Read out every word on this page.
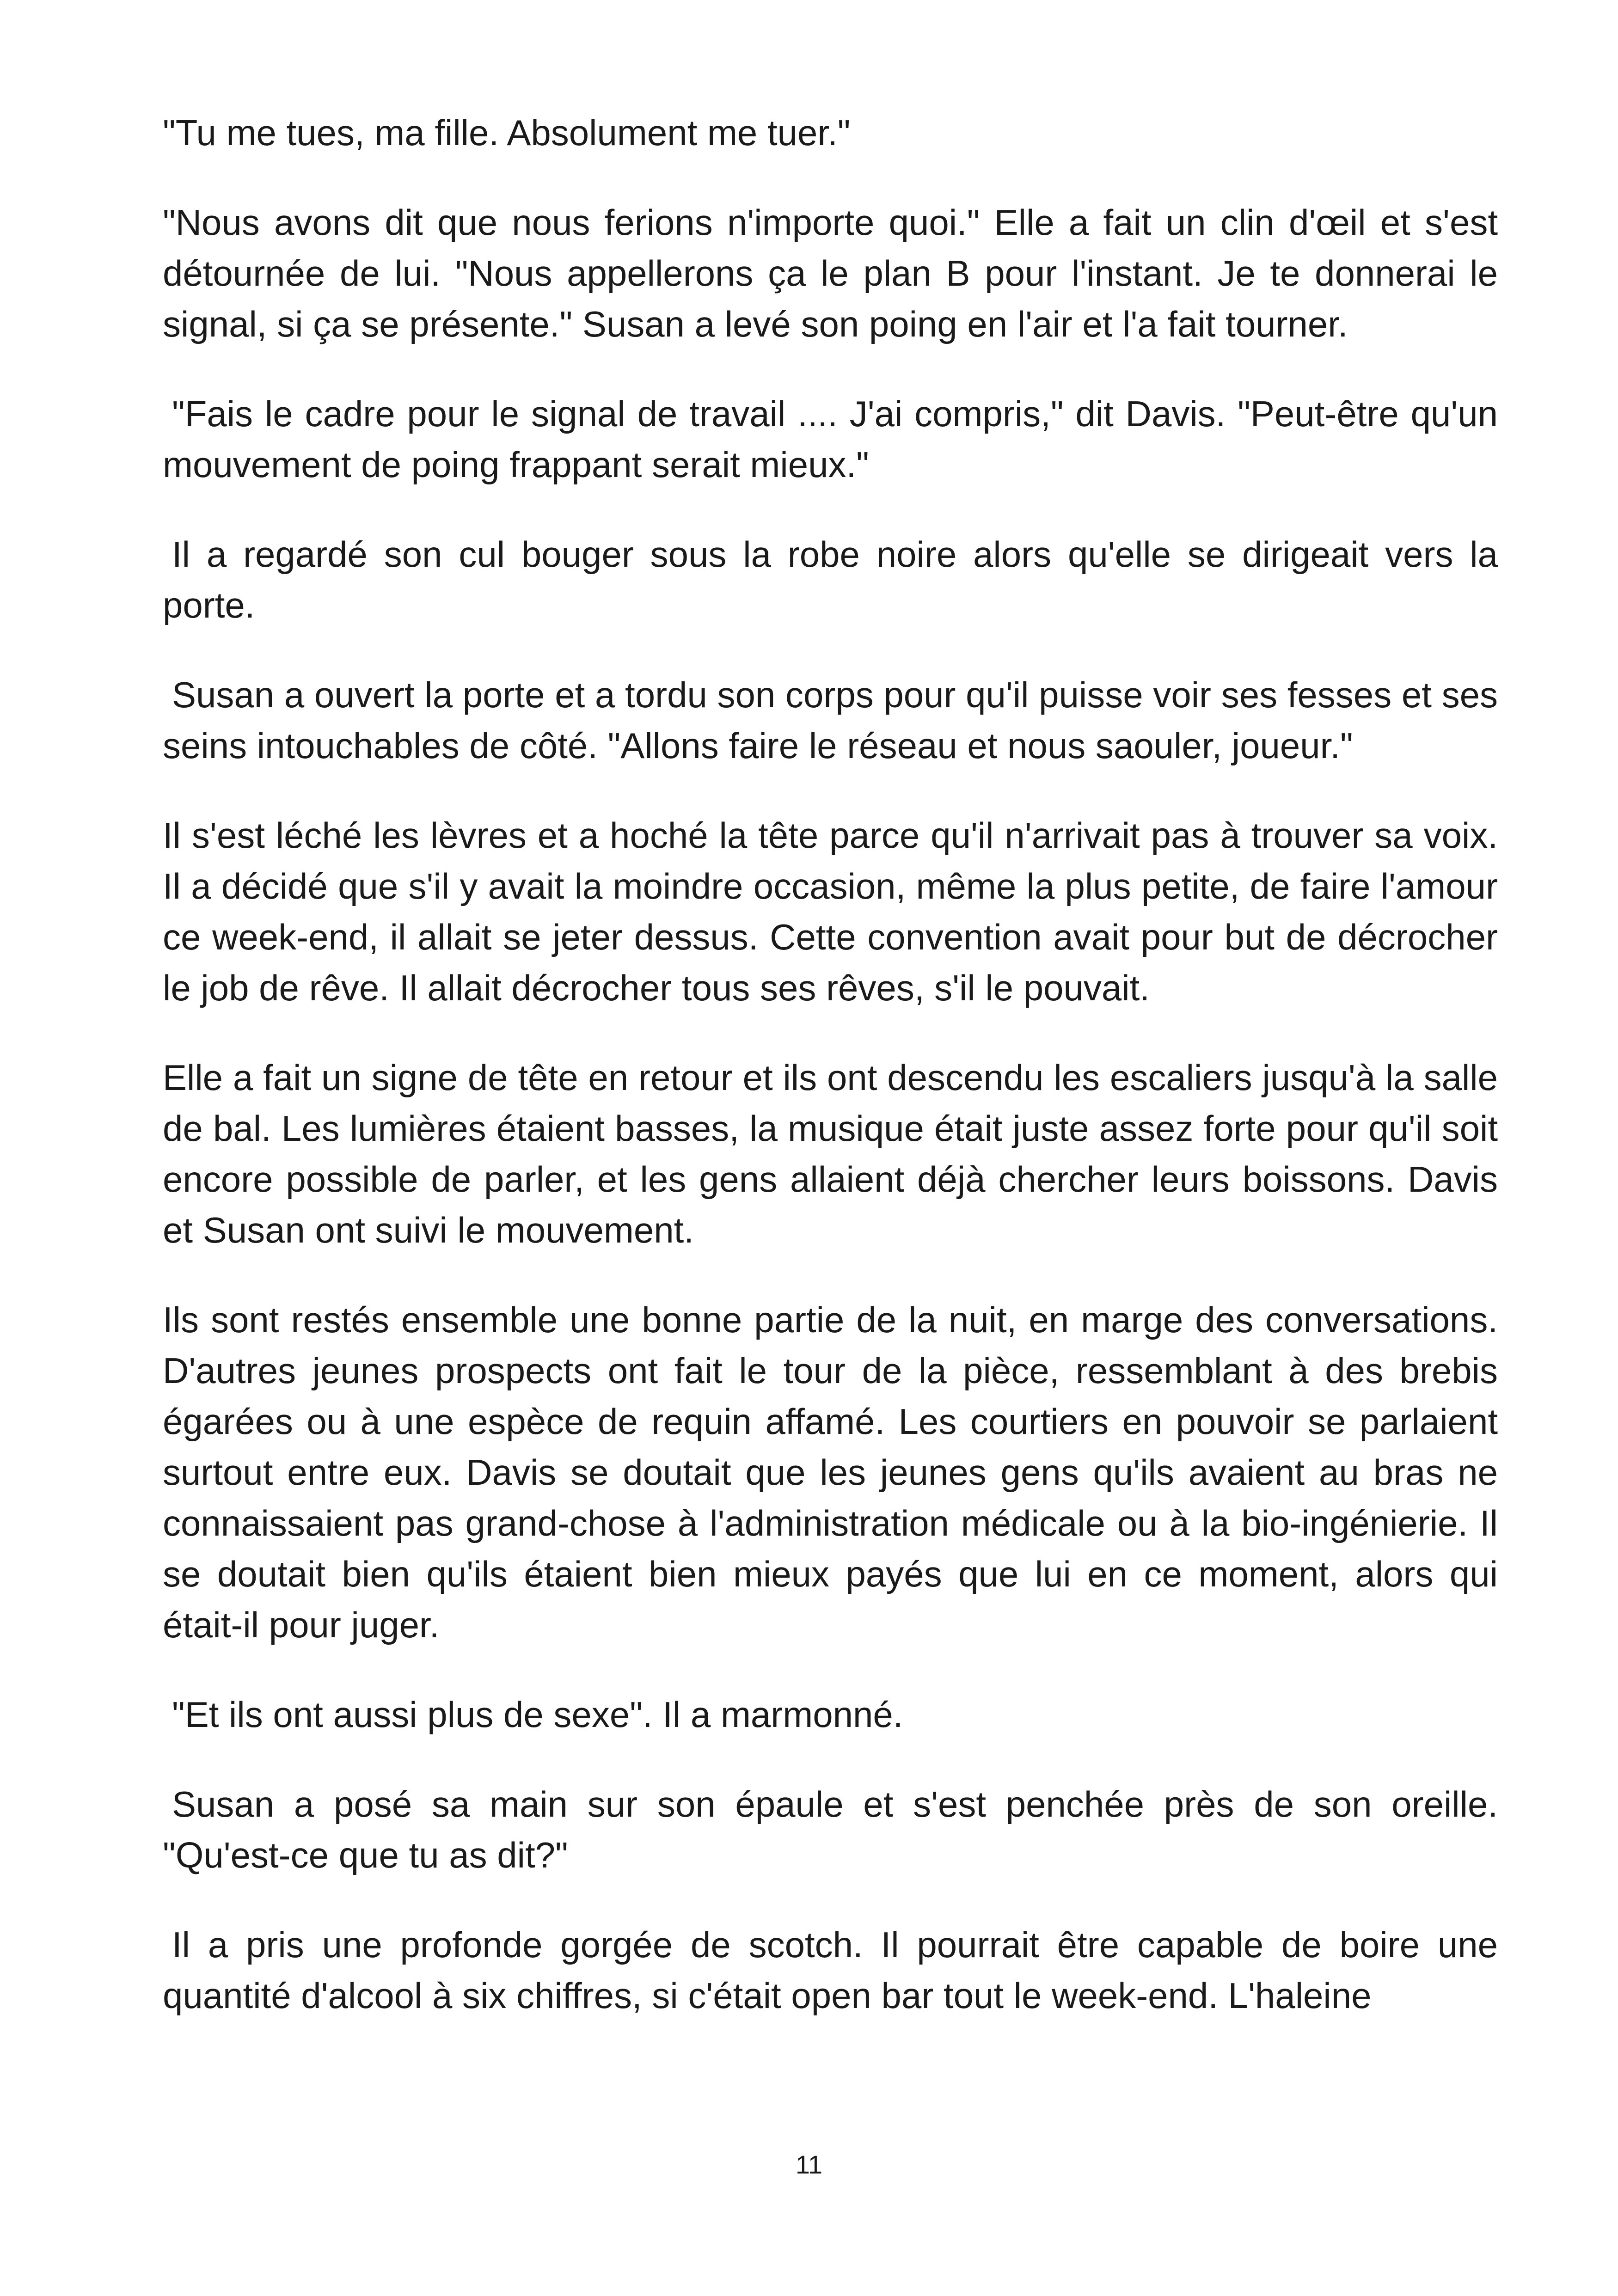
"Tu me tues, ma fille. Absolument me tuer."

"Nous avons dit que nous ferions n'importe quoi." Elle a fait un clin d'œil et s'est détournée de lui. "Nous appellerons ça le plan B pour l'instant. Je te donnerai le signal, si ça se présente." Susan a levé son poing en l'air et l'a fait tourner.

"Fais le cadre pour le signal de travail .... J'ai compris," dit Davis. "Peut-être qu'un mouvement de poing frappant serait mieux."

Il a regardé son cul bouger sous la robe noire alors qu'elle se dirigeait vers la porte.

Susan a ouvert la porte et a tordu son corps pour qu'il puisse voir ses fesses et ses seins intouchables de côté. "Allons faire le réseau et nous saouler, joueur."

Il s'est léché les lèvres et a hoché la tête parce qu'il n'arrivait pas à trouver sa voix. Il a décidé que s'il y avait la moindre occasion, même la plus petite, de faire l'amour ce week-end, il allait se jeter dessus. Cette convention avait pour but de décrocher le job de rêve. Il allait décrocher tous ses rêves, s'il le pouvait.

Elle a fait un signe de tête en retour et ils ont descendu les escaliers jusqu'à la salle de bal. Les lumières étaient basses, la musique était juste assez forte pour qu'il soit encore possible de parler, et les gens allaient déjà chercher leurs boissons. Davis et Susan ont suivi le mouvement.

Ils sont restés ensemble une bonne partie de la nuit, en marge des conversations. D'autres jeunes prospects ont fait le tour de la pièce, ressemblant à des brebis égarées ou à une espèce de requin affamé. Les courtiers en pouvoir se parlaient surtout entre eux. Davis se doutait que les jeunes gens qu'ils avaient au bras ne connaissaient pas grand-chose à l'administration médicale ou à la bio-ingénierie. Il se doutait bien qu'ils étaient bien mieux payés que lui en ce moment, alors qui était-il pour juger.

"Et ils ont aussi plus de sexe". Il a marmonné.

Susan a posé sa main sur son épaule et s'est penchée près de son oreille. "Qu'est-ce que tu as dit?"

Il a pris une profonde gorgée de scotch. Il pourrait être capable de boire une quantité d'alcool à six chiffres, si c'était open bar tout le week-end. L'haleine

11
